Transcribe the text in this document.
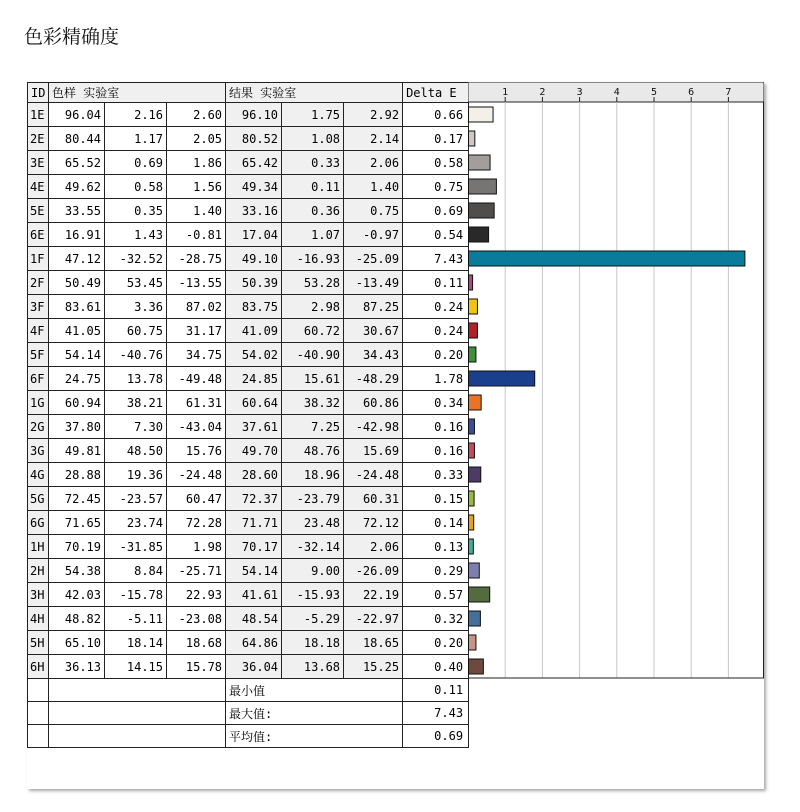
色彩精确度
ID	色样 实验室			结果 实验室			Delta E
1E	96.04	2.16	2.60	96.10	1.75	2.92	0.66
2E	80.44	1.17	2.05	80.52	1.08	2.14	0.17
3E	65.52	0.69	1.86	65.42	0.33	2.06	0.58
4E	49.62	0.58	1.56	49.34	0.11	1.40	0.75
5E	33.55	0.35	1.40	33.16	0.36	0.75	0.69
6E	16.91	1.43	-0.81	17.04	1.07	-0.97	0.54
1F	47.12	-32.52	-28.75	49.10	-16.93	-25.09	7.43
2F	50.49	53.45	-13.55	50.39	53.28	-13.49	0.11
3F	83.61	3.36	87.02	83.75	2.98	87.25	0.24
4F	41.05	60.75	31.17	41.09	60.72	30.67	0.24
5F	54.14	-40.76	34.75	54.02	-40.90	34.43	0.20
6F	24.75	13.78	-49.48	24.85	15.61	-48.29	1.78
1G	60.94	38.21	61.31	60.64	38.32	60.86	0.34
2G	37.80	7.30	-43.04	37.61	7.25	-42.98	0.16
3G	49.81	48.50	15.76	49.70	48.76	15.69	0.16
4G	28.88	19.36	-24.48	28.60	18.96	-24.48	0.33
5G	72.45	-23.57	60.47	72.37	-23.79	60.31	0.15
6G	71.65	23.74	72.28	71.71	23.48	72.12	0.14
1H	70.19	-31.85	1.98	70.17	-32.14	2.06	0.13
2H	54.38	8.84	-25.71	54.14	9.00	-26.09	0.29
3H	42.03	-15.78	22.93	41.61	-15.93	22.19	0.57
4H	48.82	-5.11	-23.08	48.54	-5.29	-22.97	0.32
5H	65.10	18.14	18.68	64.86	18.18	18.65	0.20
6H	36.13	14.15	15.78	36.04	13.68	15.25	0.40
				最小值			0.11
				最大值:			7.43
				平均值:			0.69
1	2	3	4	5	6	7
